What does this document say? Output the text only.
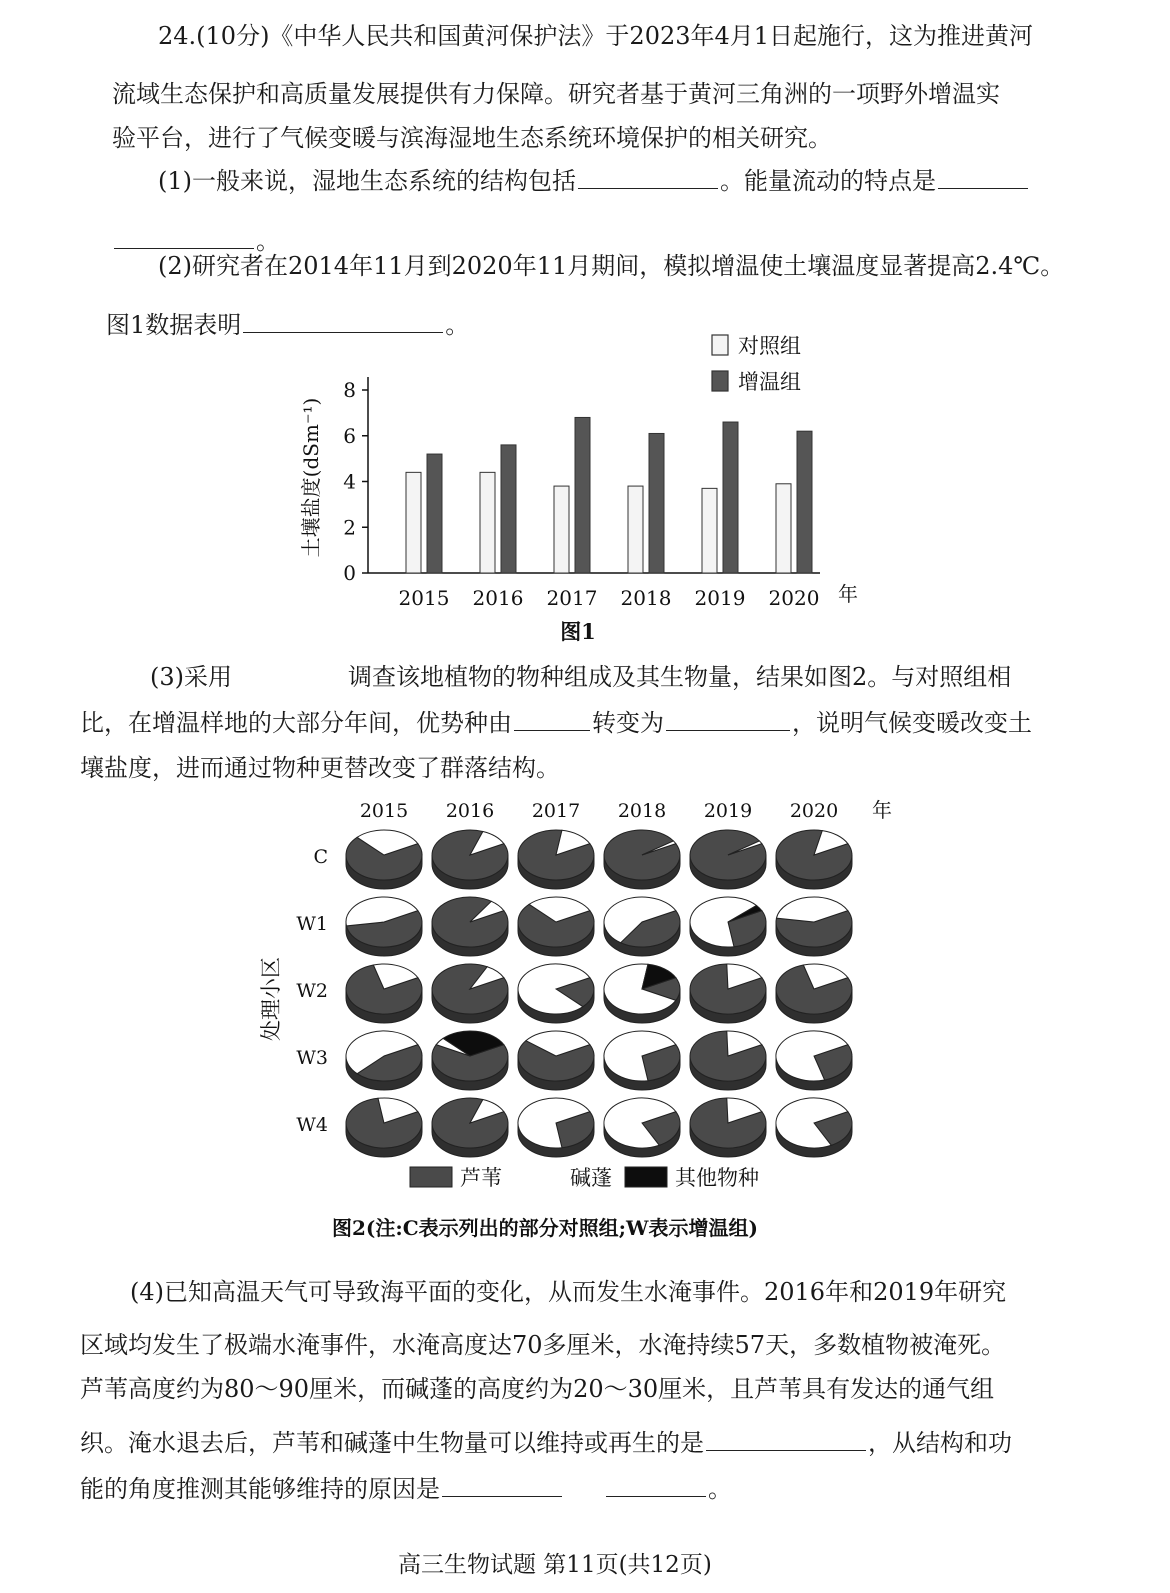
24.(10分)《中华人民共和国黄河保护法》于2023年4月1日起施行，这为推进黄河
流域生态保护和高质量发展提供有力保障。研究者基于黄河三角洲的一项野外增温实
验平台，进行了气候变暖与滨海湿地生态系统环境保护的相关研究。
(1)一般来说，湿地生态系统的结构包括	。能量流动的特点是
。
(2)研究者在2014年11月到2020年11月期间，模拟增温使土壤温度显著提高2.4℃。
图1数据表明	。
0
2
4
6
8
土壤盐度(dSm⁻¹)
2015 2016 2017 2018 2019 2020 年
对照组
增温组
图1
(3)采用	调查该地植物的物种组成及其生物量，结果如图2。与对照组相
比，在增温样地的大部分年间，优势种由	转变为	，说明气候变暖改变土
壤盐度，进而通过物种更替改变了群落结构。
2015 2016 2017 2018 2019 2020 年
处理小区
C
W1
W2
W3
W4
芦苇	碱蓬	其他物种
图2(注:C表示列出的部分对照组;W表示增温组)
(4)已知高温天气可导致海平面的变化，从而发生水淹事件。2016年和2019年研究
区域均发生了极端水淹事件，水淹高度达70多厘米，水淹持续57天，多数植物被淹死。
芦苇高度约为80～90厘米，而碱蓬的高度约为20～30厘米，且芦苇具有发达的通气组
织。淹水退去后，芦苇和碱蓬中生物量可以维持或再生的是	，从结构和功
能的角度推测其能够维持的原因是	。
高三生物试题 第11页(共12页)
